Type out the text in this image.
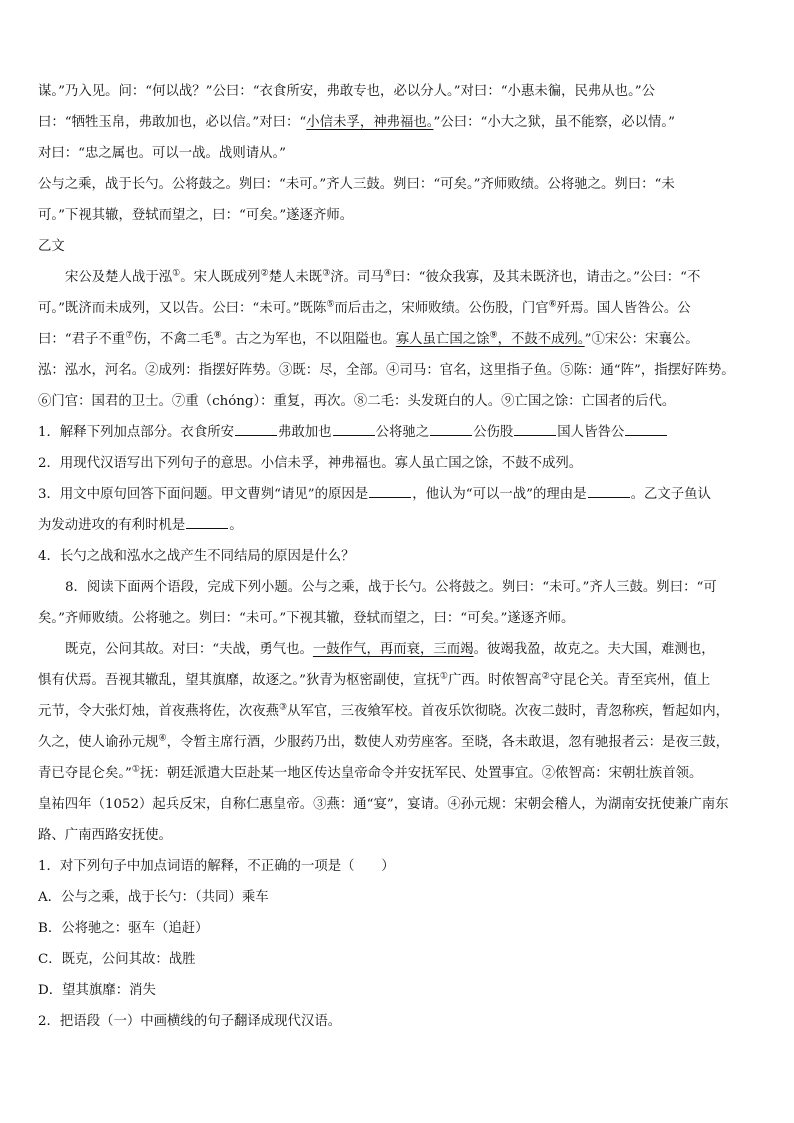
谋。”乃入见。问：“何以战？”公曰：“衣食所安，弗敢专也，必以分人。”对曰：“小惠未徧，民弗从也。”公
曰：“牺牲玉帛，弗敢加也，必以信。”对曰：“小信未孚，神弗福也。”公曰：“小大之狱，虽不能察，必以情。”
对曰：“忠之属也。可以一战。战则请从。”
公与之乘，战于长勺。公将鼓之。刿曰：“未可。”齐人三鼓。刿曰：“可矣。”齐师败绩。公将驰之。刿曰：“未
可。”下视其辙，登轼而望之，曰：“可矣。”遂逐齐师。
乙文
宋公及楚人战于泓①。宋人既成列②楚人未既③济。司马④曰：“彼众我寡，及其未既济也，请击之。”公曰：“不
可。”既济而未成列，又以告。公曰：“未可。”既陈⑤而后击之，宋师败绩。公伤股，门官⑥歼焉。国人皆咎公。公
曰：“君子不重⑦伤，不禽二毛⑧。古之为军也，不以阻隘也。寡人虽亡国之馀⑨，不鼓不成列。”①宋公：宋襄公。
泓：泓水，河名。②成列：指摆好阵势。③既：尽，全部。④司马：官名，这里指子鱼。⑤陈：通“阵”，指摆好阵势。
⑥门官：国君的卫士。⑦重（chóng）：重复，再次。⑧二毛：头发斑白的人。⑨亡国之馀：亡国者的后代。
1．解释下列加点部分。衣食所安	弗敢加也	公将驰之	公伤股	国人皆咎公
2．用现代汉语写出下列句子的意思。小信未孚，神弗福也。寡人虽亡国之馀，不鼓不成列。
3．用文中原句回答下面问题。甲文曹刿“请见”的原因是	，他认为“可以一战”的理由是	。乙文子鱼认
为发动进攻的有利时机是	。
4．长勺之战和泓水之战产生不同结局的原因是什么？
8．阅读下面两个语段，完成下列小题。公与之乘，战于长勺。公将鼓之。刿曰：“未可。”齐人三鼓。刿曰：“可
矣。”齐师败绩。公将驰之。刿曰：“未可。”下视其辙，登轼而望之，曰：“可矣。”遂逐齐师。
既克，公问其故。对曰：“夫战，勇气也。一鼓作气，再而衰，三而竭。彼竭我盈，故克之。夫大国，难测也，
惧有伏焉。吾视其辙乱，望其旗靡，故逐之。”狄青为枢密副使，宣抚①广西。时侬智高②守昆仑关。青至宾州，值上
元节，令大张灯烛，首夜燕将佐，次夜燕③从军官，三夜飨军校。首夜乐饮彻晓。次夜二鼓时，青忽称疾，暂起如内，
久之，使人谕孙元规④，令暂主席行酒，少服药乃出，数使人劝劳座客。至晓，各未敢退，忽有驰报者云：是夜三鼓，
青已夺昆仑矣。”①抚：朝廷派遣大臣赴某一地区传达皇帝命令并安抚军民、处置事宜。②侬智高：宋朝壮族首领。
皇祐四年（1052）起兵反宋，自称仁惠皇帝。③燕：通“宴”，宴请。④孙元规：宋朝会稽人，为湖南安抚使兼广南东
路、广南西路安抚使。
1．对下列句子中加点词语的解释，不正确的一项是（　　）
A．公与之乘，战于长勺：（共同）乘车
B．公将驰之：驱车（追赶）
C．既克，公问其故：战胜
D．望其旗靡：消失
2．把语段（一）中画横线的句子翻译成现代汉语。
